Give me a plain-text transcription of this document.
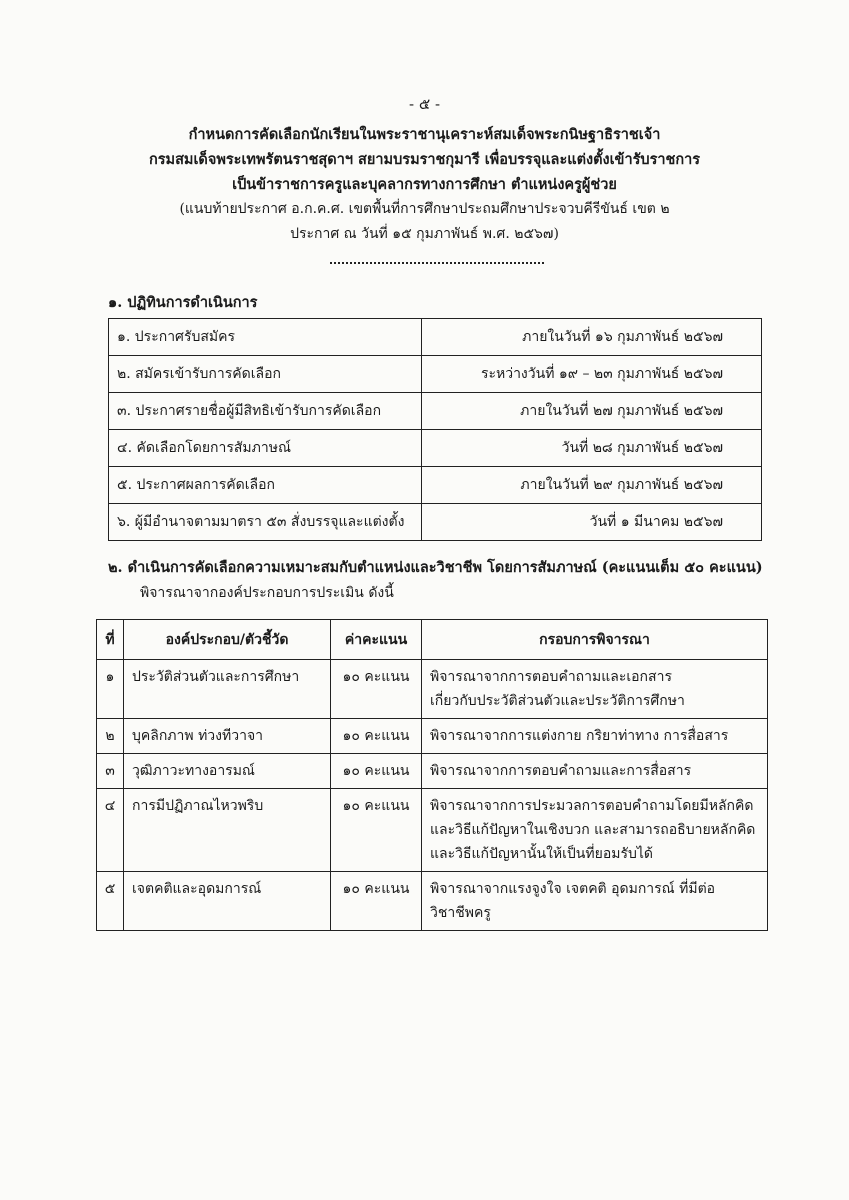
- ๕ -
กำหนดการคัดเลือกนักเรียนในพระราชานุเคราะห์สมเด็จพระกนิษฐาธิราชเจ้า
กรมสมเด็จพระเทพรัตนราชสุดาฯ สยามบรมราชกุมารี เพื่อบรรจุและแต่งตั้งเข้ารับราชการ
เป็นข้าราชการครูและบุคลากรทางการศึกษา ตำแหน่งครูผู้ช่วย
(แนบท้ายประกาศ อ.ก.ค.ศ. เขตพื้นที่การศึกษาประถมศึกษาประจวบคีรีขันธ์ เขต ๒
ประกาศ ณ วันที่ ๑๕ กุมภาพันธ์ พ.ศ. ๒๕๖๗)
๑. ปฏิทินการดำเนินการ
๑. ประกาศรับสมัคร	ภายในวันที่ ๑๖ กุมภาพันธ์ ๒๕๖๗
๒. สมัครเข้ารับการคัดเลือก	ระหว่างวันที่ ๑๙ – ๒๓ กุมภาพันธ์ ๒๕๖๗
๓. ประกาศรายชื่อผู้มีสิทธิเข้ารับการคัดเลือก	ภายในวันที่ ๒๗ กุมภาพันธ์ ๒๕๖๗
๔. คัดเลือกโดยการสัมภาษณ์	วันที่ ๒๘ กุมภาพันธ์ ๒๕๖๗
๕. ประกาศผลการคัดเลือก	ภายในวันที่ ๒๙ กุมภาพันธ์ ๒๕๖๗
๖. ผู้มีอำนาจตามมาตรา ๕๓ สั่งบรรจุและแต่งตั้ง	วันที่ ๑ มีนาคม ๒๕๖๗
๒. ดำเนินการคัดเลือกความเหมาะสมกับตำแหน่งและวิชาชีพ โดยการสัมภาษณ์ (คะแนนเต็ม ๕๐ คะแนน)
พิจารณาจากองค์ประกอบการประเมิน ดังนี้
ที่	องค์ประกอบ/ตัวชี้วัด	ค่าคะแนน	กรอบการพิจารณา
๑	ประวัติส่วนตัวและการศึกษา	๑๐ คะแนน	พิจารณาจากการตอบคำถามและเอกสาร
เกี่ยวกับประวัติส่วนตัวและประวัติการศึกษา

๒	บุคลิกภาพ ท่วงทีวาจา	๑๐ คะแนน	พิจารณาจากการแต่งกาย กริยาท่าทาง การสื่อสาร

๓	วุฒิภาวะทางอารมณ์	๑๐ คะแนน	พิจารณาจากการตอบคำถามและการสื่อสาร

๔	การมีปฏิภาณไหวพริบ	๑๐ คะแนน	พิจารณาจากการประมวลการตอบคำถามโดยมีหลักคิด
และวิธีแก้ปัญหาในเชิงบวก และสามารถอธิบายหลักคิด
และวิธีแก้ปัญหานั้นให้เป็นที่ยอมรับได้

๕	เจตคติและอุดมการณ์	๑๐ คะแนน	พิจารณาจากแรงจูงใจ เจตคติ อุดมการณ์ ที่มีต่อ
วิชาชีพครู
